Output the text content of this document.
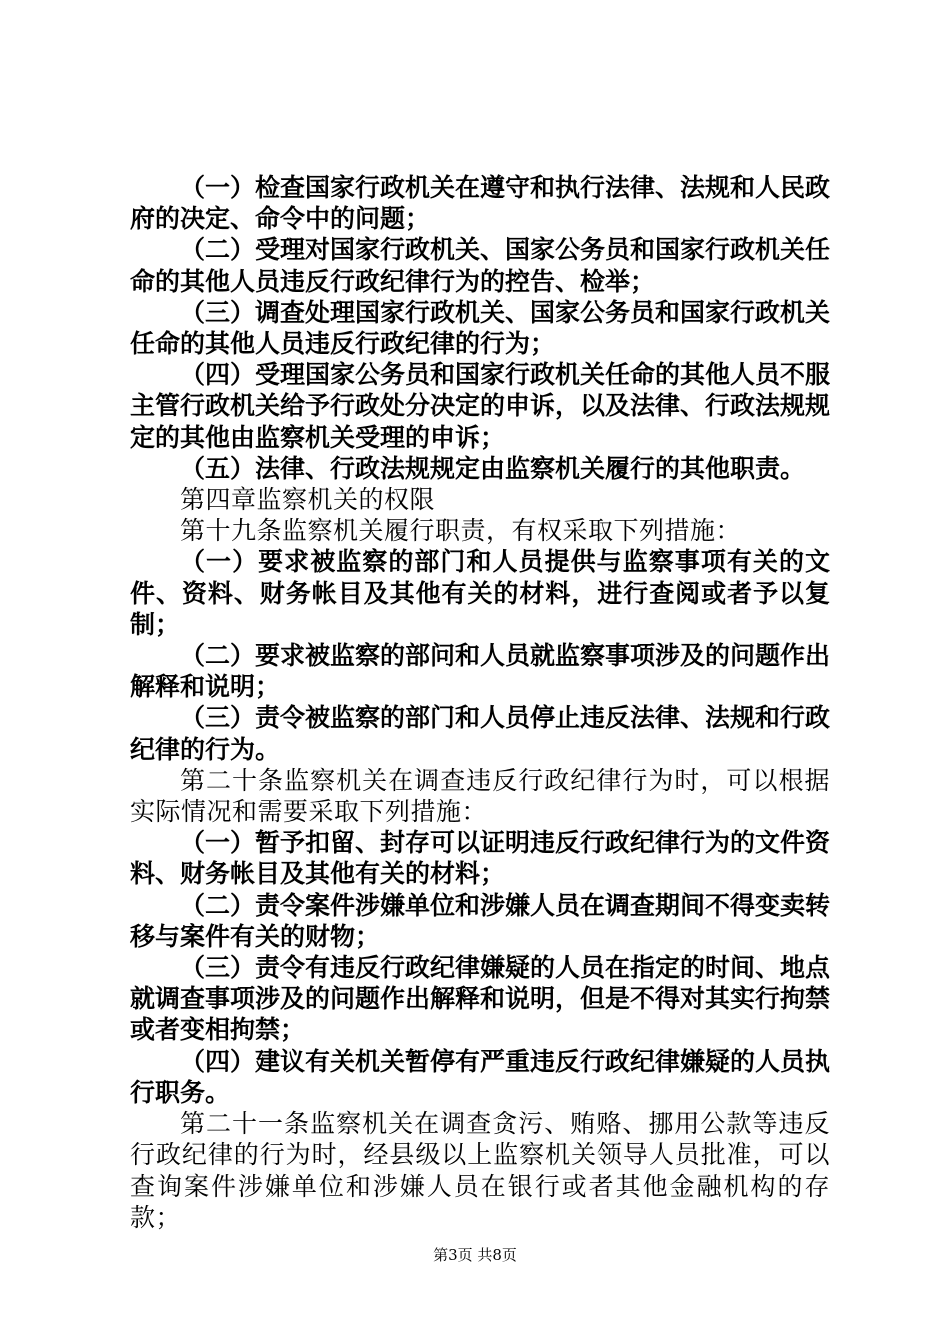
（一）检查国家行政机关在遵守和执行法律、法规和人民政府的决定、命令中的问题；

（二）受理对国家行政机关、国家公务员和国家行政机关任命的其他人员违反行政纪律行为的控告、检举；

（三）调查处理国家行政机关、国家公务员和国家行政机关任命的其他人员违反行政纪律的行为；

（四）受理国家公务员和国家行政机关任命的其他人员不服主管行政机关给予行政处分决定的申诉，以及法律、行政法规规定的其他由监察机关受理的申诉；

（五）法律、行政法规规定由监察机关履行的其他职责。

第四章监察机关的权限

第十九条监察机关履行职责，有权采取下列措施：

（一）要求被监察的部门和人员提供与监察事项有关的文件、资料、财务帐目及其他有关的材料，进行查阅或者予以复制；

（二）要求被监察的部问和人员就监察事项涉及的问题作出解释和说明；

（三）责令被监察的部门和人员停止违反法律、法规和行政纪律的行为。

第二十条监察机关在调查违反行政纪律行为时，可以根据实际情况和需要采取下列措施：

（一）暂予扣留、封存可以证明违反行政纪律行为的文件资料、财务帐目及其他有关的材料；

（二）责令案件涉嫌单位和涉嫌人员在调查期间不得变卖转移与案件有关的财物；

（三）责令有违反行政纪律嫌疑的人员在指定的时间、地点就调查事项涉及的问题作出解释和说明，但是不得对其实行拘禁或者变相拘禁；

（四）建议有关机关暂停有严重违反行政纪律嫌疑的人员执行职务。

第二十一条监察机关在调查贪污、贿赂、挪用公款等违反行政纪律的行为时，经县级以上监察机关领导人员批准，可以查询案件涉嫌单位和涉嫌人员在银行或者其他金融机构的存款；

第3页 共8页
